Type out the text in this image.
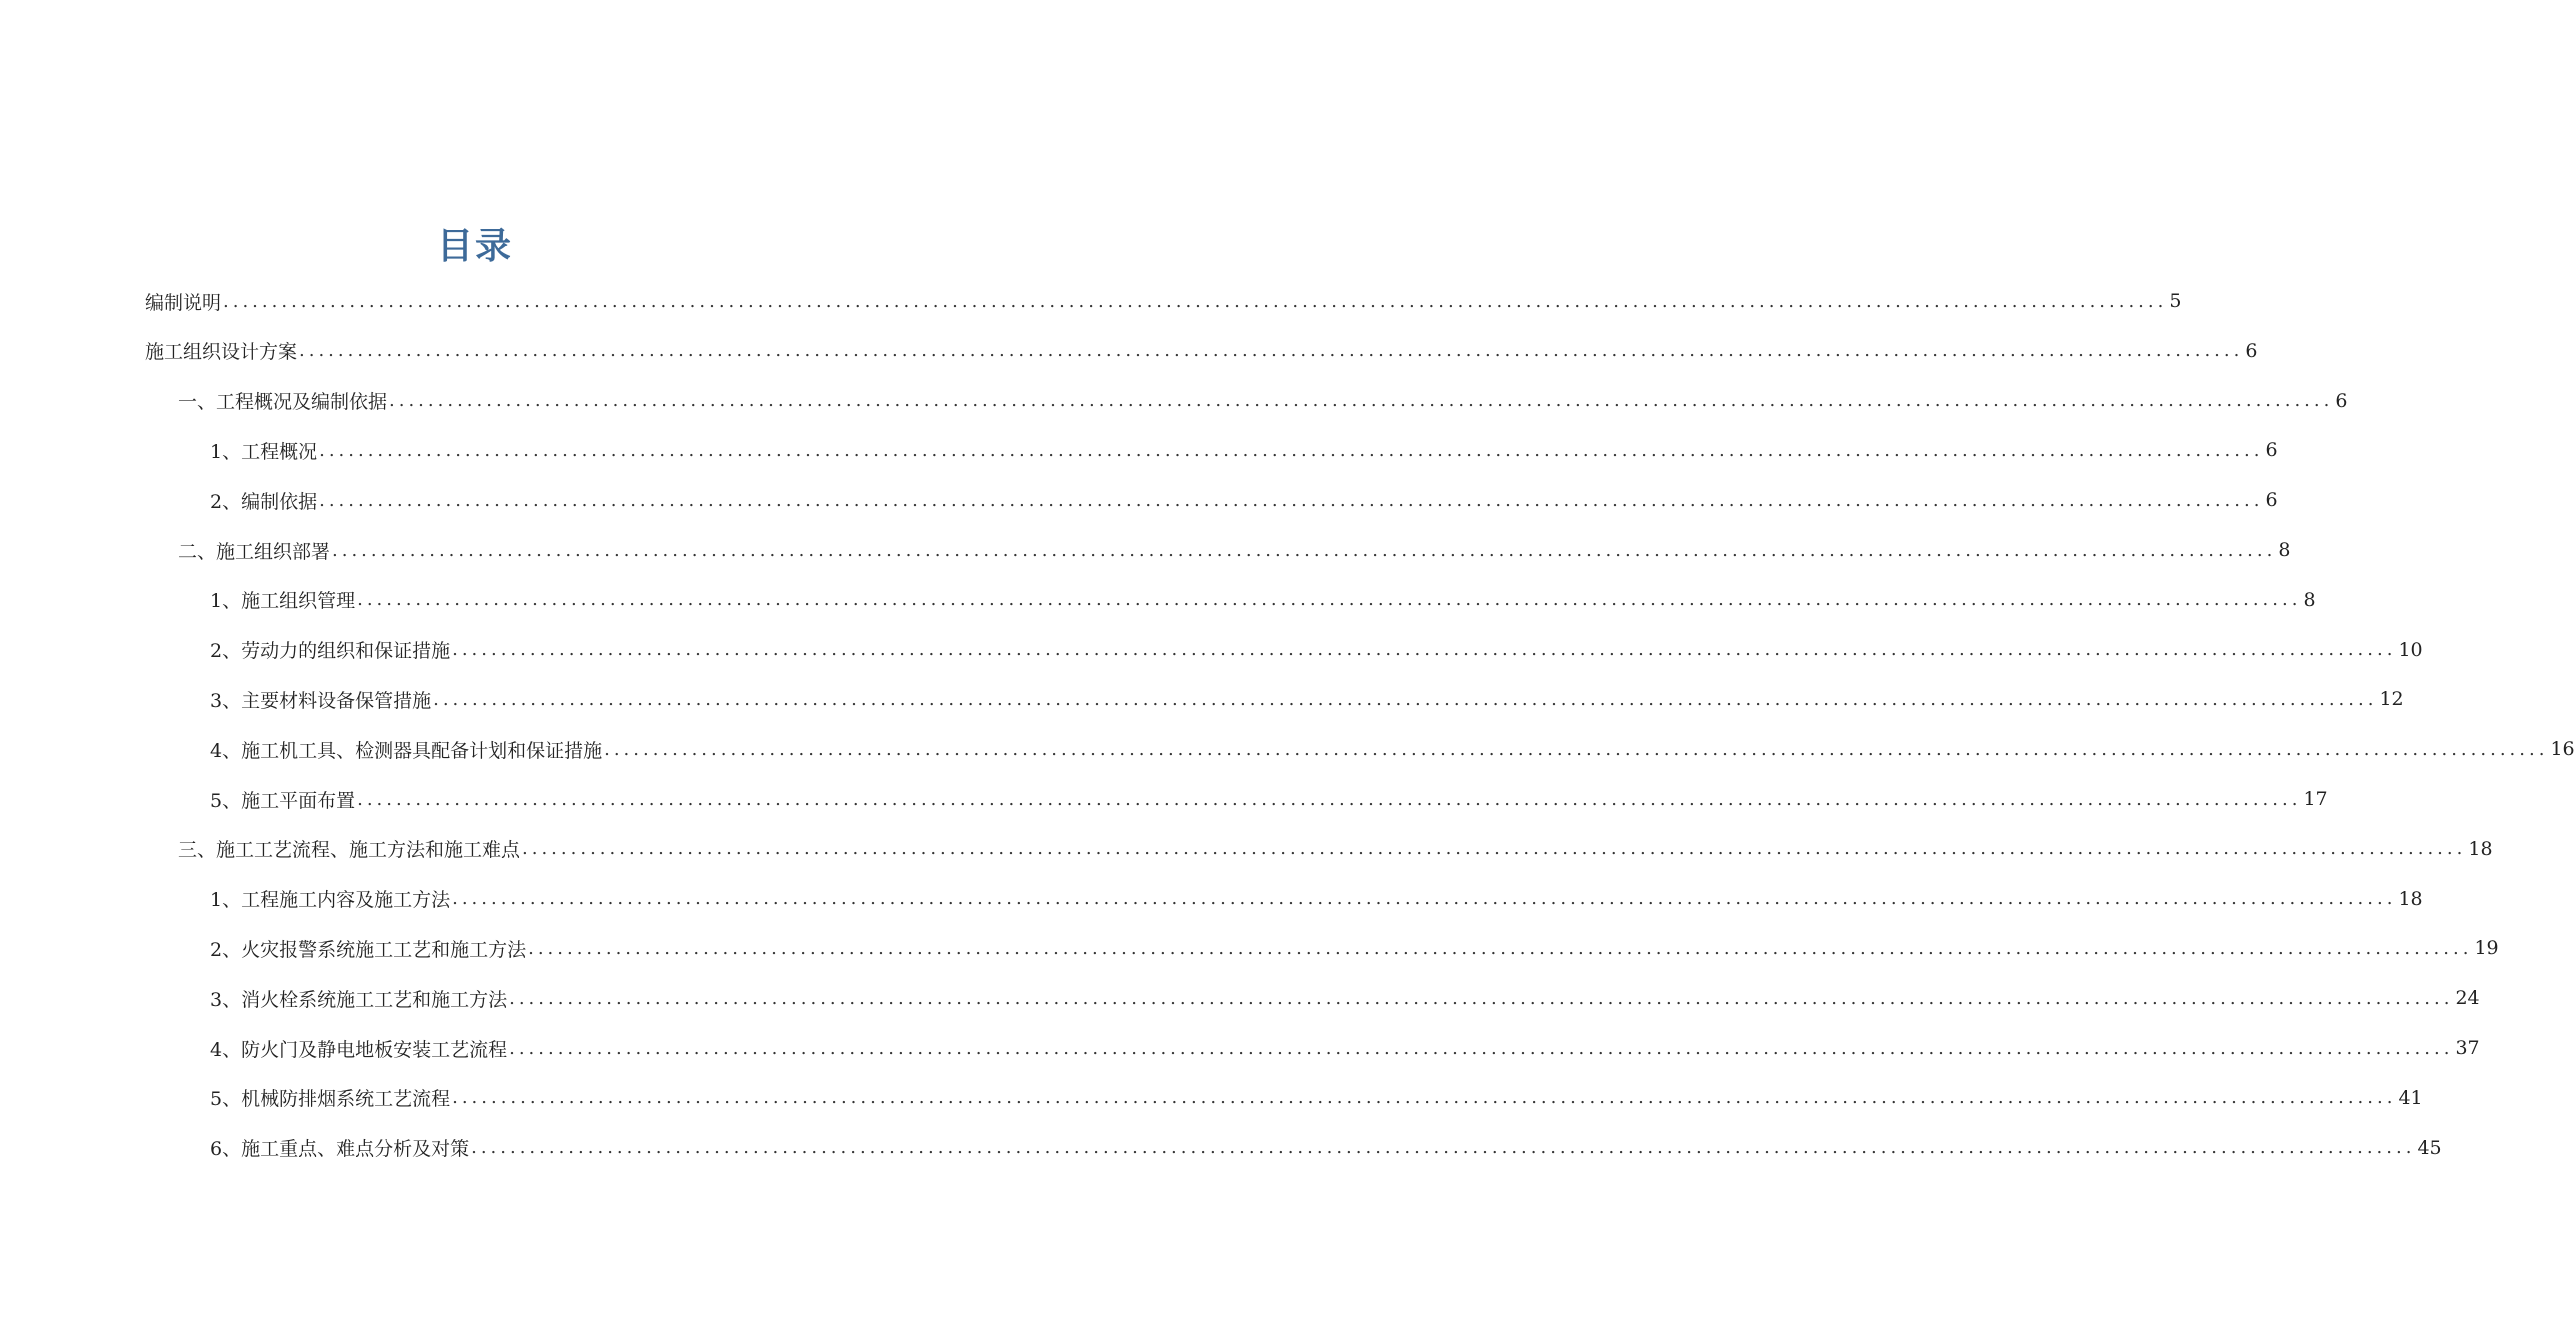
目录
编制说明 ........................................................................................................................................................................................................ 5
施工组织设计方案 ........................................................................................................................................................................................................ 6
一、工程概况及编制依据 ........................................................................................................................................................................................................ 6
1、工程概况 ........................................................................................................................................................................................................ 6
2、编制依据 ........................................................................................................................................................................................................ 6
二、施工组织部署 ........................................................................................................................................................................................................ 8
1、施工组织管理 ........................................................................................................................................................................................................ 8
2、劳动力的组织和保证措施 ........................................................................................................................................................................................................ 10
3、主要材料设备保管措施 ........................................................................................................................................................................................................ 12
4、施工机工具、检测器具配备计划和保证措施 ........................................................................................................................................................................................................ 16
5、施工平面布置 ........................................................................................................................................................................................................ 17
三、施工工艺流程、施工方法和施工难点 ........................................................................................................................................................................................................ 18
1、工程施工内容及施工方法 ........................................................................................................................................................................................................ 18
2、火灾报警系统施工工艺和施工方法 ........................................................................................................................................................................................................ 19
3、消火栓系统施工工艺和施工方法 ........................................................................................................................................................................................................ 24
4、防火门及静电地板安装工艺流程 ........................................................................................................................................................................................................ 37
5、机械防排烟系统工艺流程 ........................................................................................................................................................................................................ 41
6、施工重点、难点分析及对策 ........................................................................................................................................................................................................ 45
